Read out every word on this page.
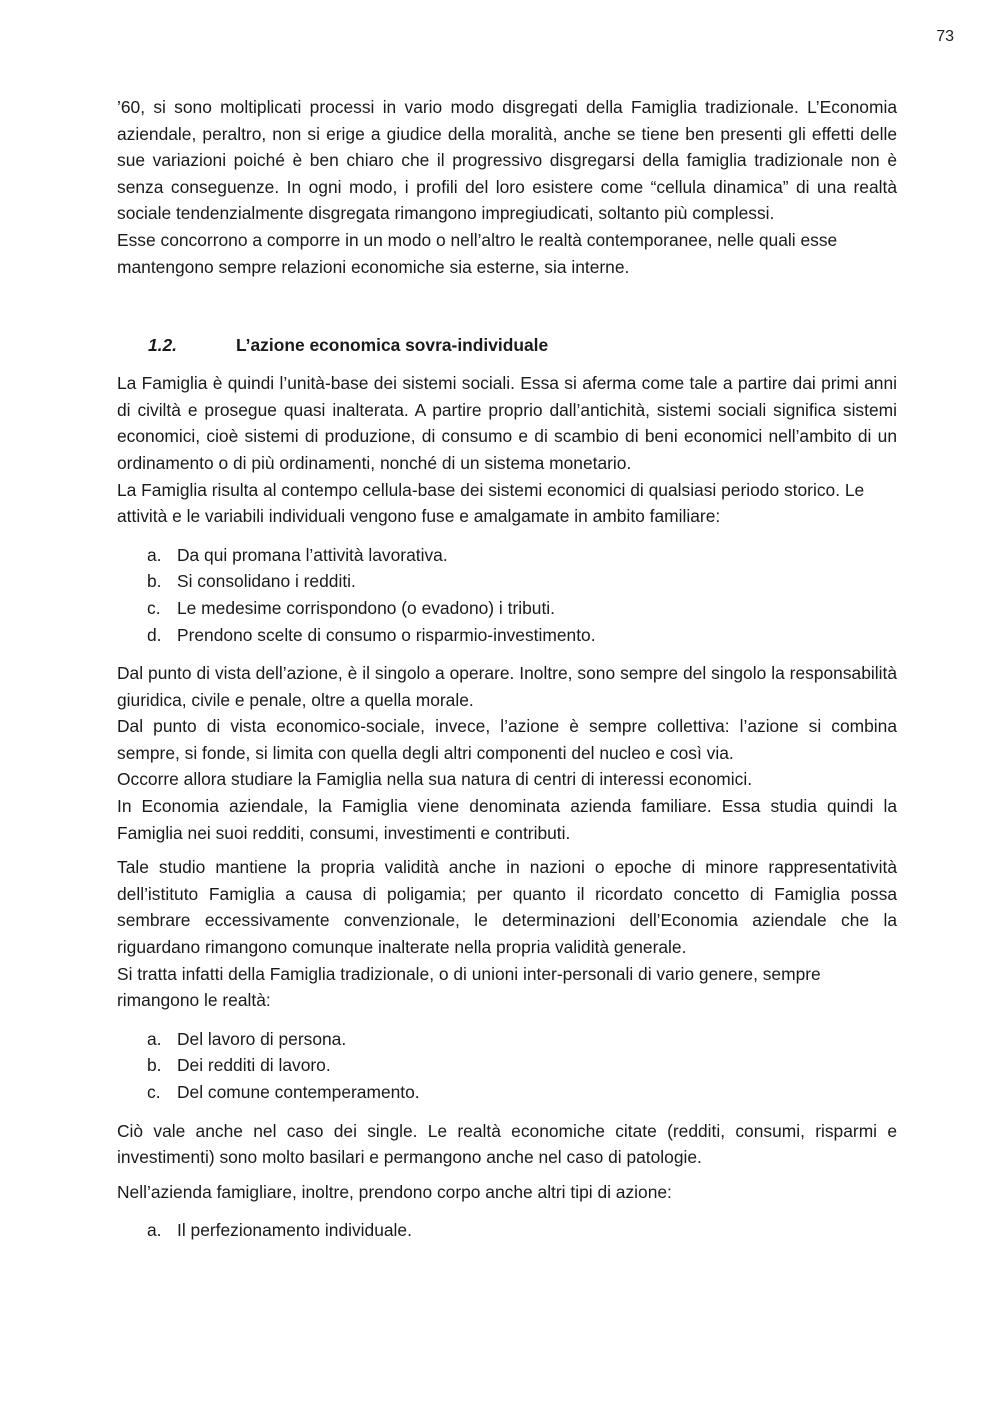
73

’60, si sono moltiplicati processi in vario modo disgregati della Famiglia tradizionale. L’Economia aziendale, peraltro, non si erige a giudice della moralità, anche se tiene ben presenti gli effetti delle sue variazioni poiché è ben chiaro che il progressivo disgregarsi della famiglia tradizionale non è senza conseguenze. In ogni modo, i profili del loro esistere come “cellula dinamica” di una realtà sociale tendenzialmente disgregata rimangono impregiudicati, soltanto più complessi.

Esse concorrono a comporre in un modo o nell’altro le realtà contemporanee, nelle quali esse mantengono sempre relazioni economiche sia esterne, sia interne.

1.2.	L’azione economica sovra-individuale

La Famiglia è quindi l’unità-base dei sistemi sociali. Essa si aferma come tale a partire dai primi anni di civiltà e prosegue quasi inalterata. A partire proprio dall’antichità, sistemi sociali significa sistemi economici, cioè sistemi di produzione, di consumo e di scambio di beni economici nell’ambito di un ordinamento o di più ordinamenti, nonché di un sistema monetario.

La Famiglia risulta al contempo cellula-base dei sistemi economici di qualsiasi periodo storico. Le attività e le variabili individuali vengono fuse e amalgamate in ambito familiare:

a. Da qui promana l’attività lavorativa.
b. Si consolidano i redditi.
c. Le medesime corrispondono (o evadono) i tributi.
d. Prendono scelte di consumo o risparmio-investimento.

Dal punto di vista dell’azione, è il singolo a operare. Inoltre, sono sempre del singolo la responsabilità giuridica, civile e penale, oltre a quella morale.

Dal punto di vista economico-sociale, invece, l’azione è sempre collettiva: l’azione si combina sempre, si fonde, si limita con quella degli altri componenti del nucleo e così via.

Occorre allora studiare la Famiglia nella sua natura di centri di interessi economici.

In Economia aziendale, la Famiglia viene denominata azienda familiare. Essa studia quindi la Famiglia nei suoi redditi, consumi, investimenti e contributi.

Tale studio mantiene la propria validità anche in nazioni o epoche di minore rappresentatività dell’istituto Famiglia a causa di poligamia; per quanto il ricordato concetto di Famiglia possa sembrare eccessivamente convenzionale, le determinazioni dell’Economia aziendale che la riguardano rimangono comunque inalterate nella propria validità generale.

Si tratta infatti della Famiglia tradizionale, o di unioni inter-personali di vario genere, sempre rimangono le realtà:

a. Del lavoro di persona.
b. Dei redditi di lavoro.
c. Del comune contemperamento.

Ciò vale anche nel caso dei single. Le realtà economiche citate (redditi, consumi, risparmi e investimenti) sono molto basilari e permangono anche nel caso di patologie.

Nell’azienda famigliare, inoltre, prendono corpo anche altri tipi di azione:

a. Il perfezionamento individuale.
